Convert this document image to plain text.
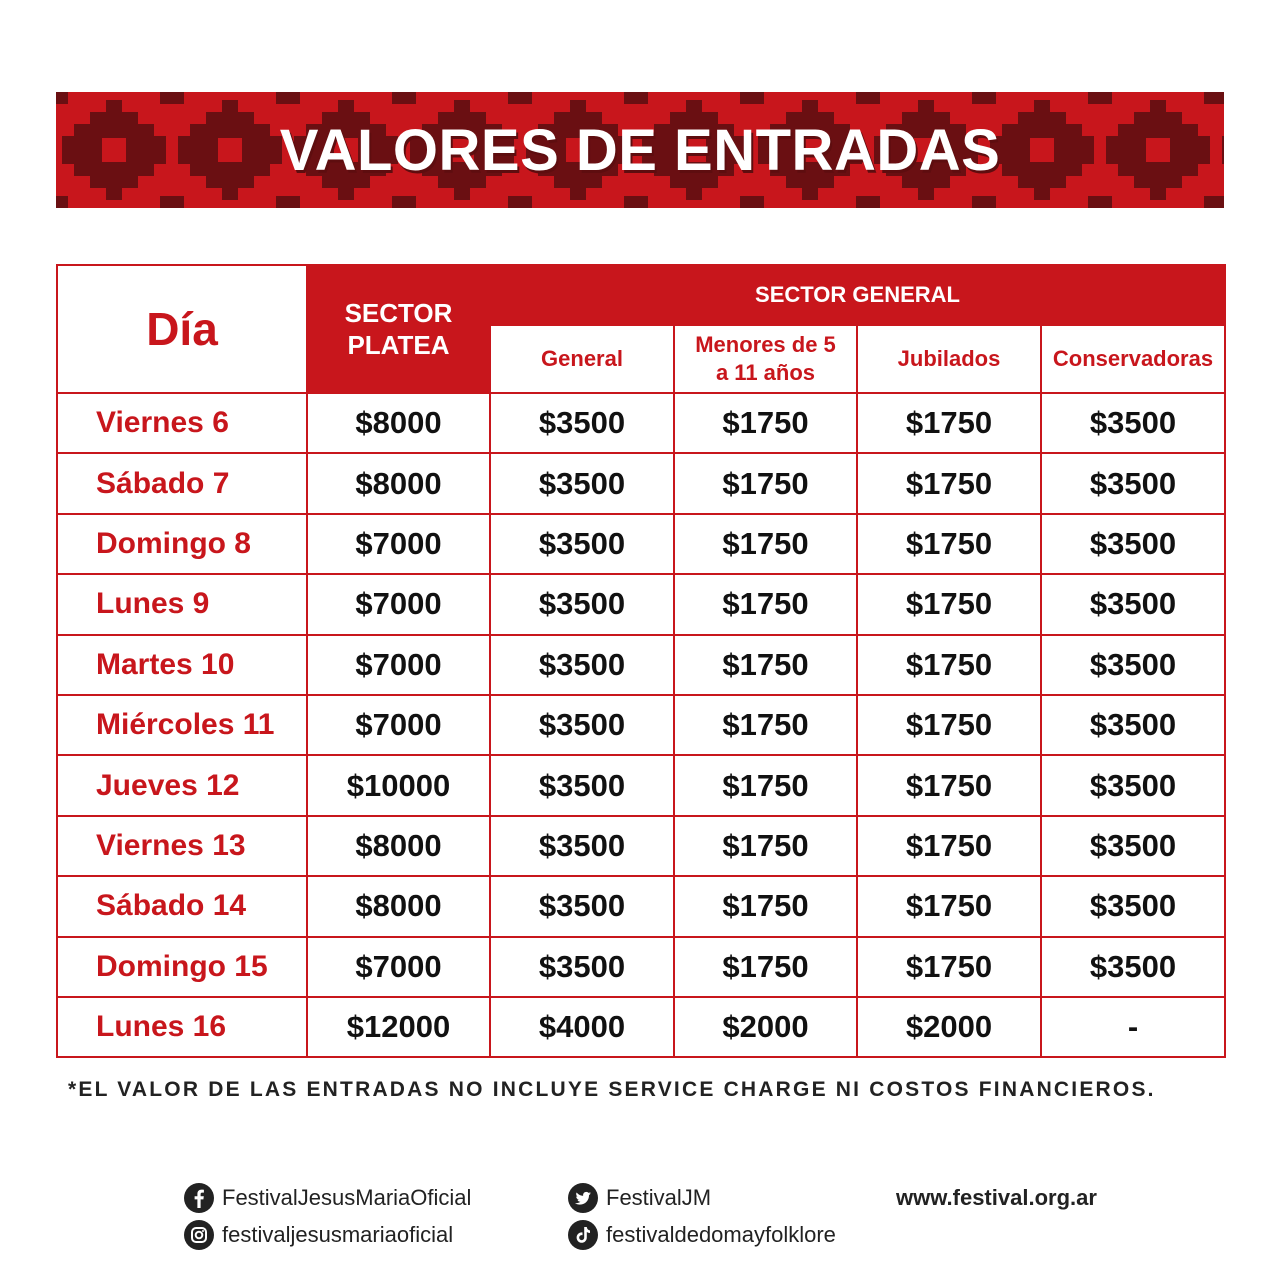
VALORES DE ENTRADAS
Día	SECTOR PLATEA	SECTOR GENERAL			
		General	Menores de 5 a 11 años	Jubilados	Conservadoras
Viernes 6	$8000	$3500	$1750	$1750	$3500
Sábado 7	$8000	$3500	$1750	$1750	$3500
Domingo 8	$7000	$3500	$1750	$1750	$3500
Lunes 9	$7000	$3500	$1750	$1750	$3500
Martes 10	$7000	$3500	$1750	$1750	$3500
Miércoles 11	$7000	$3500	$1750	$1750	$3500
Jueves 12	$10000	$3500	$1750	$1750	$3500
Viernes 13	$8000	$3500	$1750	$1750	$3500
Sábado 14	$8000	$3500	$1750	$1750	$3500
Domingo 15	$7000	$3500	$1750	$1750	$3500
Lunes 16	$12000	$4000	$2000	$2000	-
*EL VALOR DE LAS ENTRADAS NO INCLUYE SERVICE CHARGE NI COSTOS FINANCIEROS.
FestivalJesusMariaOficial
festivaljesusmariaoficial
FestivalJM
festivaldedomayfolklore
www.festival.org.ar
